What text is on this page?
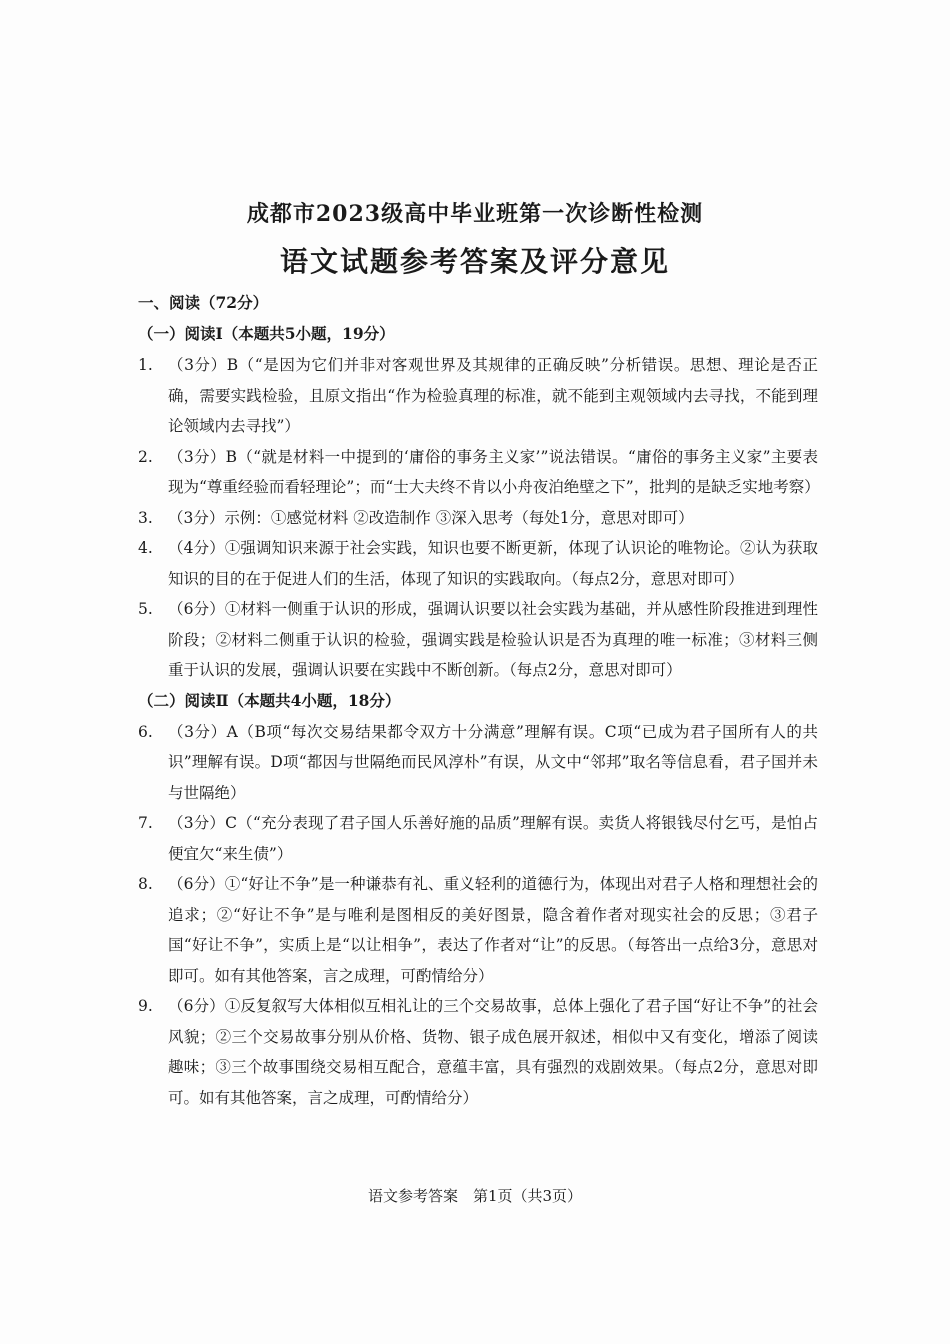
成都市2023级高中毕业班第一次诊断性检测
语文试题参考答案及评分意见
一、阅读（72分）
（一）阅读Ⅰ（本题共5小题，19分）
1. （3分）B（“是因为它们并非对客观世界及其规律的正确反映”分析错误。思想、理论是否正确，需要实践检验，且原文指出“作为检验真理的标准，就不能到主观领域内去寻找，不能到理论领域内去寻找”）
2. （3分）B（“就是材料一中提到的‘庸俗的事务主义家’”说法错误。“庸俗的事务主义家”主要表现为“尊重经验而看轻理论”；而“士大夫终不肯以小舟夜泊绝壁之下”，批判的是缺乏实地考察）
3. （3分）示例：①感觉材料 ②改造制作 ③深入思考（每处1分，意思对即可）
4. （4分）①强调知识来源于社会实践，知识也要不断更新，体现了认识论的唯物论。②认为获取知识的目的在于促进人们的生活，体现了知识的实践取向。（每点2分，意思对即可）
5. （6分）①材料一侧重于认识的形成，强调认识要以社会实践为基础，并从感性阶段推进到理性阶段；②材料二侧重于认识的检验，强调实践是检验认识是否为真理的唯一标准；③材料三侧重于认识的发展，强调认识要在实践中不断创新。（每点2分，意思对即可）
（二）阅读Ⅱ（本题共4小题，18分）
6. （3分）A（B项“每次交易结果都令双方十分满意”理解有误。C项“已成为君子国所有人的共识”理解有误。D项“都因与世隔绝而民风淳朴”有误，从文中“邻邦”取名等信息看，君子国并未与世隔绝）
7. （3分）C（“充分表现了君子国人乐善好施的品质”理解有误。卖货人将银钱尽付乞丐，是怕占便宜欠“来生债”）
8. （6分）①“好让不争”是一种谦恭有礼、重义轻利的道德行为，体现出对君子人格和理想社会的追求；②“好让不争”是与唯利是图相反的美好图景，隐含着作者对现实社会的反思；③君子国“好让不争”，实质上是“以让相争”，表达了作者对“让”的反思。（每答出一点给3分，意思对即可。如有其他答案，言之成理，可酌情给分）
9. （6分）①反复叙写大体相似互相礼让的三个交易故事，总体上强化了君子国“好让不争”的社会风貌；②三个交易故事分别从价格、货物、银子成色展开叙述，相似中又有变化，增添了阅读趣味；③三个故事围绕交易相互配合，意蕴丰富，具有强烈的戏剧效果。（每点2分，意思对即可。如有其他答案，言之成理，可酌情给分）
语文参考答案　第1页（共3页）
